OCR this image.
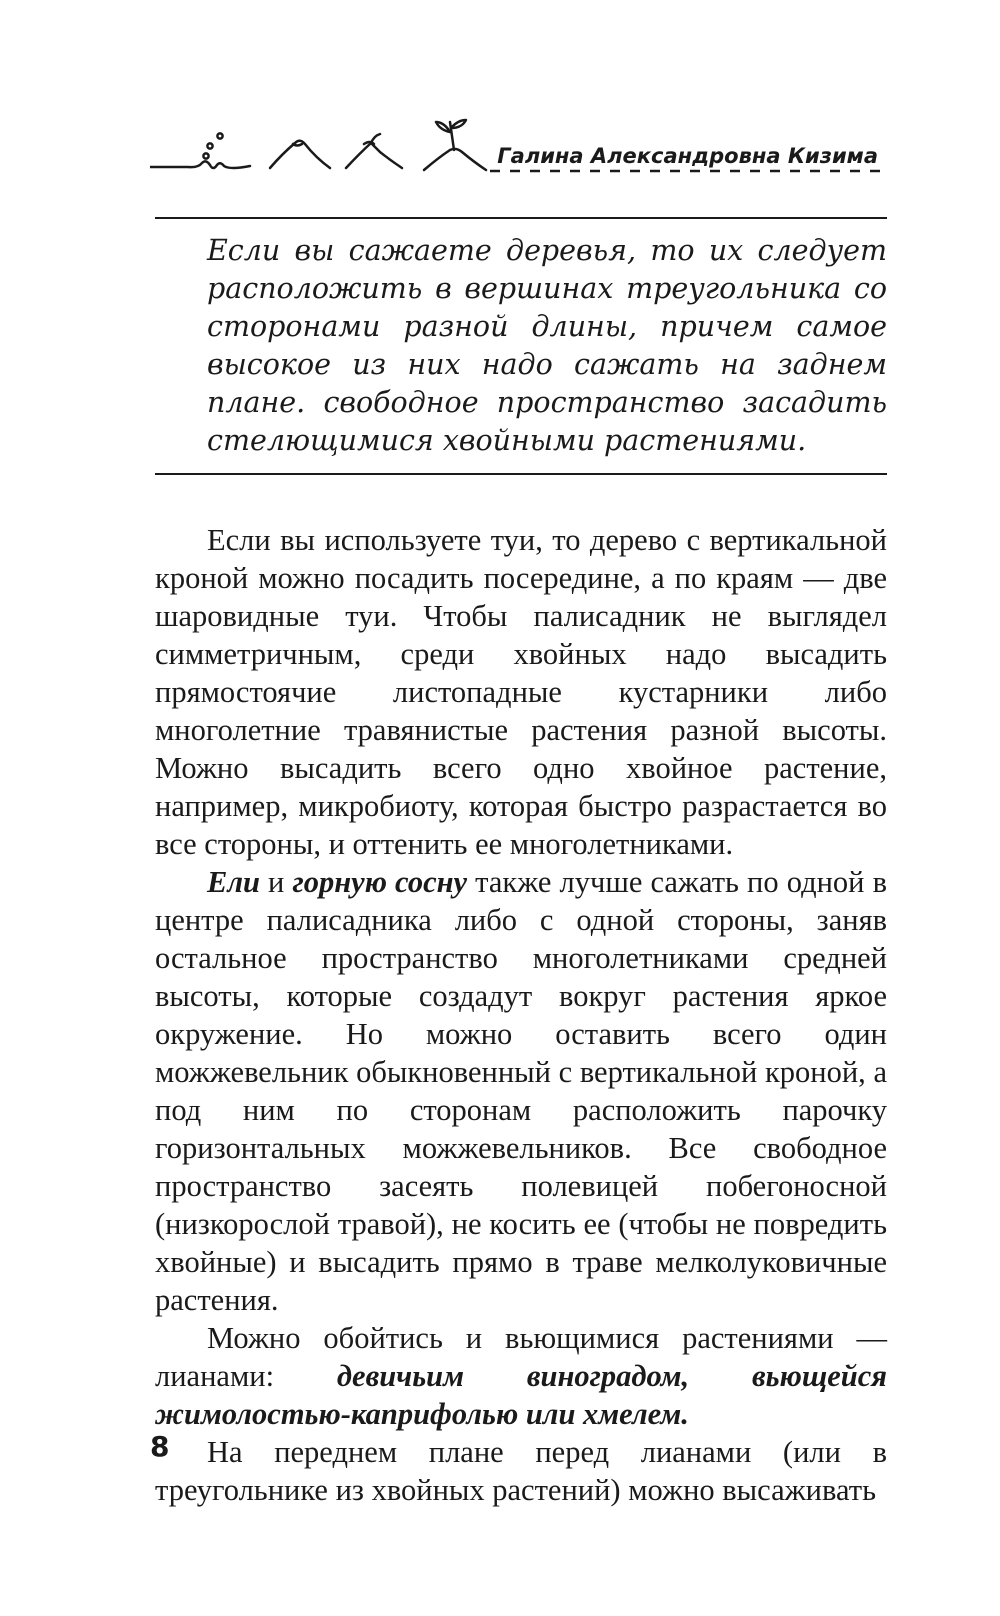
Галина Александровна Кизима
Если вы сажаете деревья, то их следует расположить в вершинах треугольника со сторонами разной длины, причем самое высокое из них надо сажать на заднем плане. свободное пространство засадить стелющимися хвойными растениями.

Если вы используете туи, то дерево с вертикальной кроной можно посадить посередине, а по краям — две шаровидные туи. Чтобы палисадник не выглядел симметричным, среди хвойных надо высадить прямостоячие листопадные кустарники либо многолетние травянистые растения разной высоты. Можно высадить всего одно хвойное растение, например, микробиоту, которая быстро разрастается во все стороны, и оттенить ее многолетниками.

Ели и горную сосну также лучше сажать по одной в центре палисадника либо с одной стороны, заняв остальное пространство многолетниками средней высоты, которые создадут вокруг растения яркое окружение. Но можно оставить всего один можжевельник обыкновенный с вертикальной кроной, а под ним по сторонам расположить парочку горизонтальных можжевельников. Все свободное пространство засеять полевицей побегоносной (низкорослой травой), не косить ее (чтобы не повредить хвойные) и высадить прямо в траве мелколуковичные растения.

Можно обойтись и вьющимися растениями — лианами: девичьим виноградом, вьющейся жимолостью-каприфолью или хмелем.

На переднем плане перед лианами (или в треугольнике из хвойных растений) можно высаживать

8
